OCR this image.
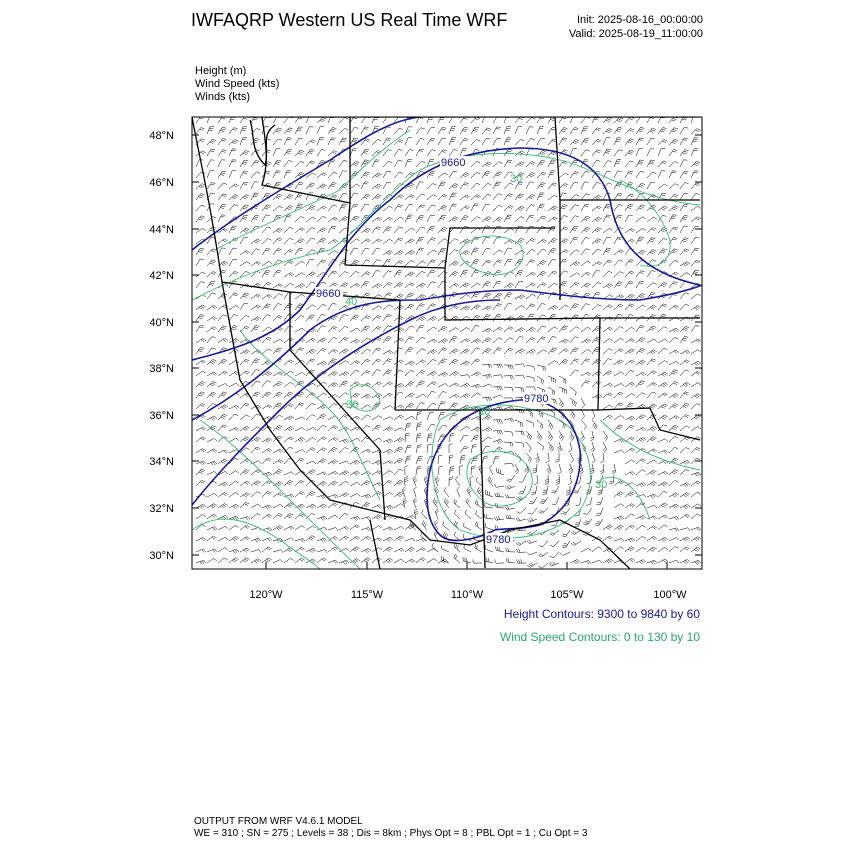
IWFAQRP Western US Real Time WRF	Init: 2025-08-16_00:00:00
Valid: 2025-08-19_11:00:00
Height (m)
Wind Speed (kts)
Winds (kts)
9660
9660
9780
9780
30
30
30
30
40
48°N
46°N
44°N
42°N
40°N
38°N
36°N
34°N
32°N
30°N
120°W	115°W	110°W	105°W	100°W
Height Contours: 9300 to 9840 by 60
Wind Speed Contours: 0 to 130 by 10
OUTPUT FROM WRF V4.6.1 MODEL
WE = 310 ; SN = 275 ; Levels = 38 ; Dis = 8km ; Phys Opt = 8 ; PBL Opt = 1 ; Cu Opt = 3
